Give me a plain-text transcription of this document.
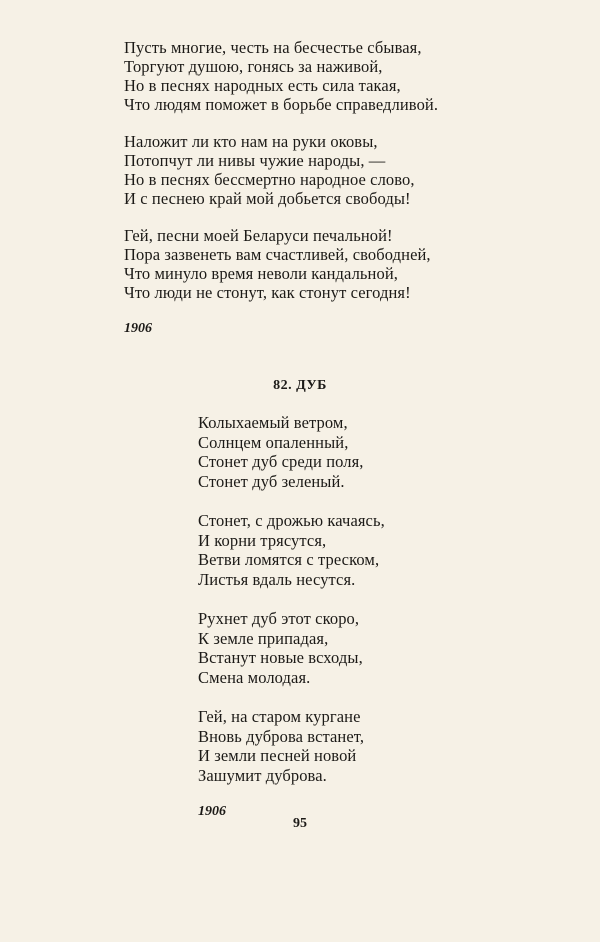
Пусть многие, честь на бесчестье сбывая,
Торгуют душою, гонясь за наживой,
Но в песнях народных есть сила такая,
Что людям поможет в борьбе справедливой.
Наложит ли кто нам на руки оковы,
Потопчут ли нивы чужие народы, —
Но в песнях бессмертно народное слово,
И с песнею край мой добьется свободы!
Гей, песни моей Беларуси печальной!
Пора зазвенеть вам счастливей, свободней,
Что минуло время неволи кандальной,
Что люди не стонут, как стонут сегодня!
1906
82. ДУБ
Колыхаемый ветром,
Солнцем опаленный,
Стонет дуб среди поля,
Стонет дуб зеленый.
Стонет, с дрожью качаясь,
И корни трясутся,
Ветви ломятся с треском,
Листья вдаль несутся.
Рухнет дуб этот скоро,
К земле припадая,
Встанут новые всходы,
Смена молодая.
Гей, на старом кургане
Вновь дуброва встанет,
И земли песней новой
Зашумит дуброва.
1906
95
